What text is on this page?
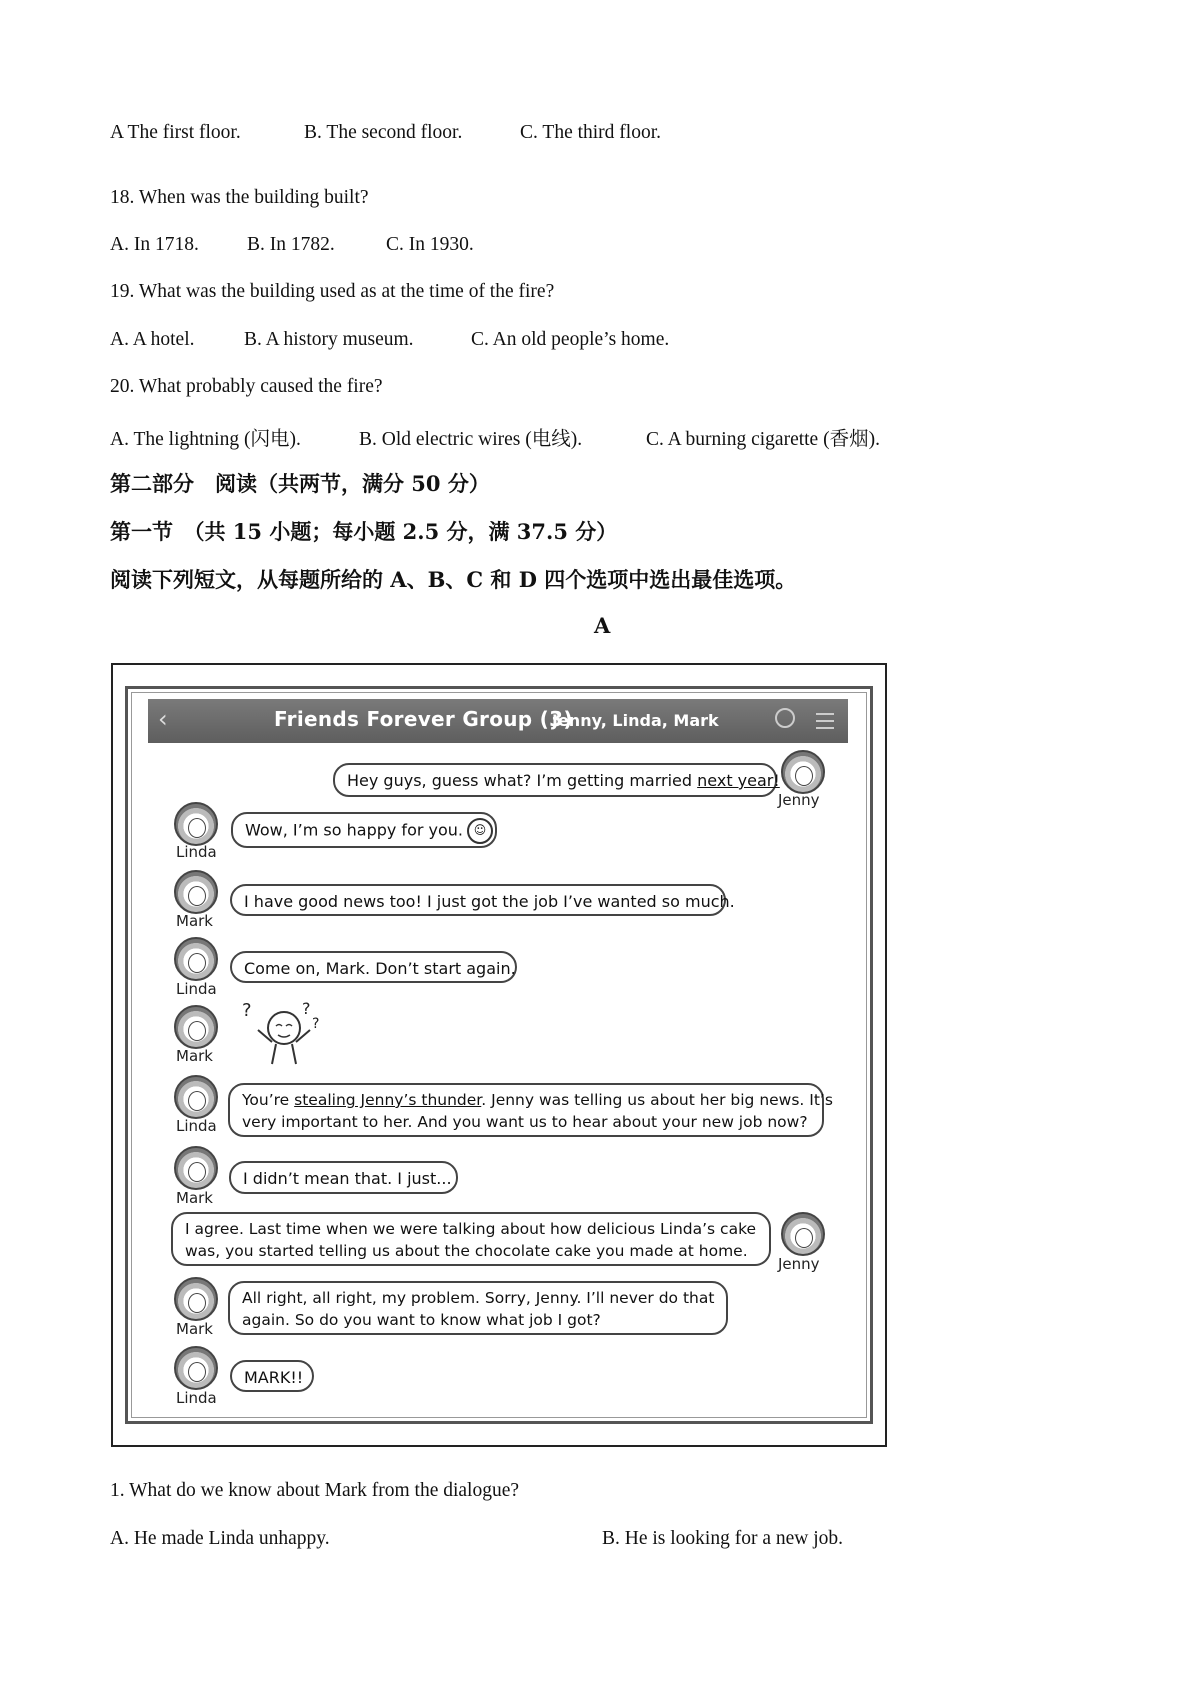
A The first floor.	B. The second floor.	C. The third floor.
18. When was the building built?
A. In 1718. B. In 1782.	C. In 1930.
19. What was the building used as at the time of the fire?
A. A hotel.	B. A history museum.	C. An old people’s home.
20. What probably caused the fire?
A. The lightning (闪电).	B. Old electric wires (电线).	C. A burning cigarette (香烟).
第二部分　阅读（共两节，满分 50 分）
第一节　（共 15 小题；每小题 2.5 分，满 37.5 分）
阅读下列短文，从每题所给的 A、B、C 和 D 四个选项中选出最佳选项。
A
‹	Friends Forever Group (3)
Jenny, Linda, Mark
Hey guys, guess what? I’m getting married next year!
Jenny
Linda
Wow, I’m so happy for you. ☺
Mark
I have good news too! I just got the job I’ve wanted so much.
Linda
Come on, Mark. Don’t start again.
Mark
?	?
?
Linda
You’re stealing Jenny’s thunder. Jenny was telling us about her big news. It’s
very important to her. And you want us to hear about your new job now?
Mark
I didn’t mean that. I just...
I agree. Last time when we were talking about how delicious Linda’s cake
was, you started telling us about the chocolate cake you made at home.
Jenny
Mark
All right, all right, my problem. Sorry, Jenny. I’ll never do that
again. So do you want to know what job I got?
Linda
MARK!!
1. What do we know about Mark from the dialogue?
A. He made Linda unhappy.	B. He is looking for a new job.
